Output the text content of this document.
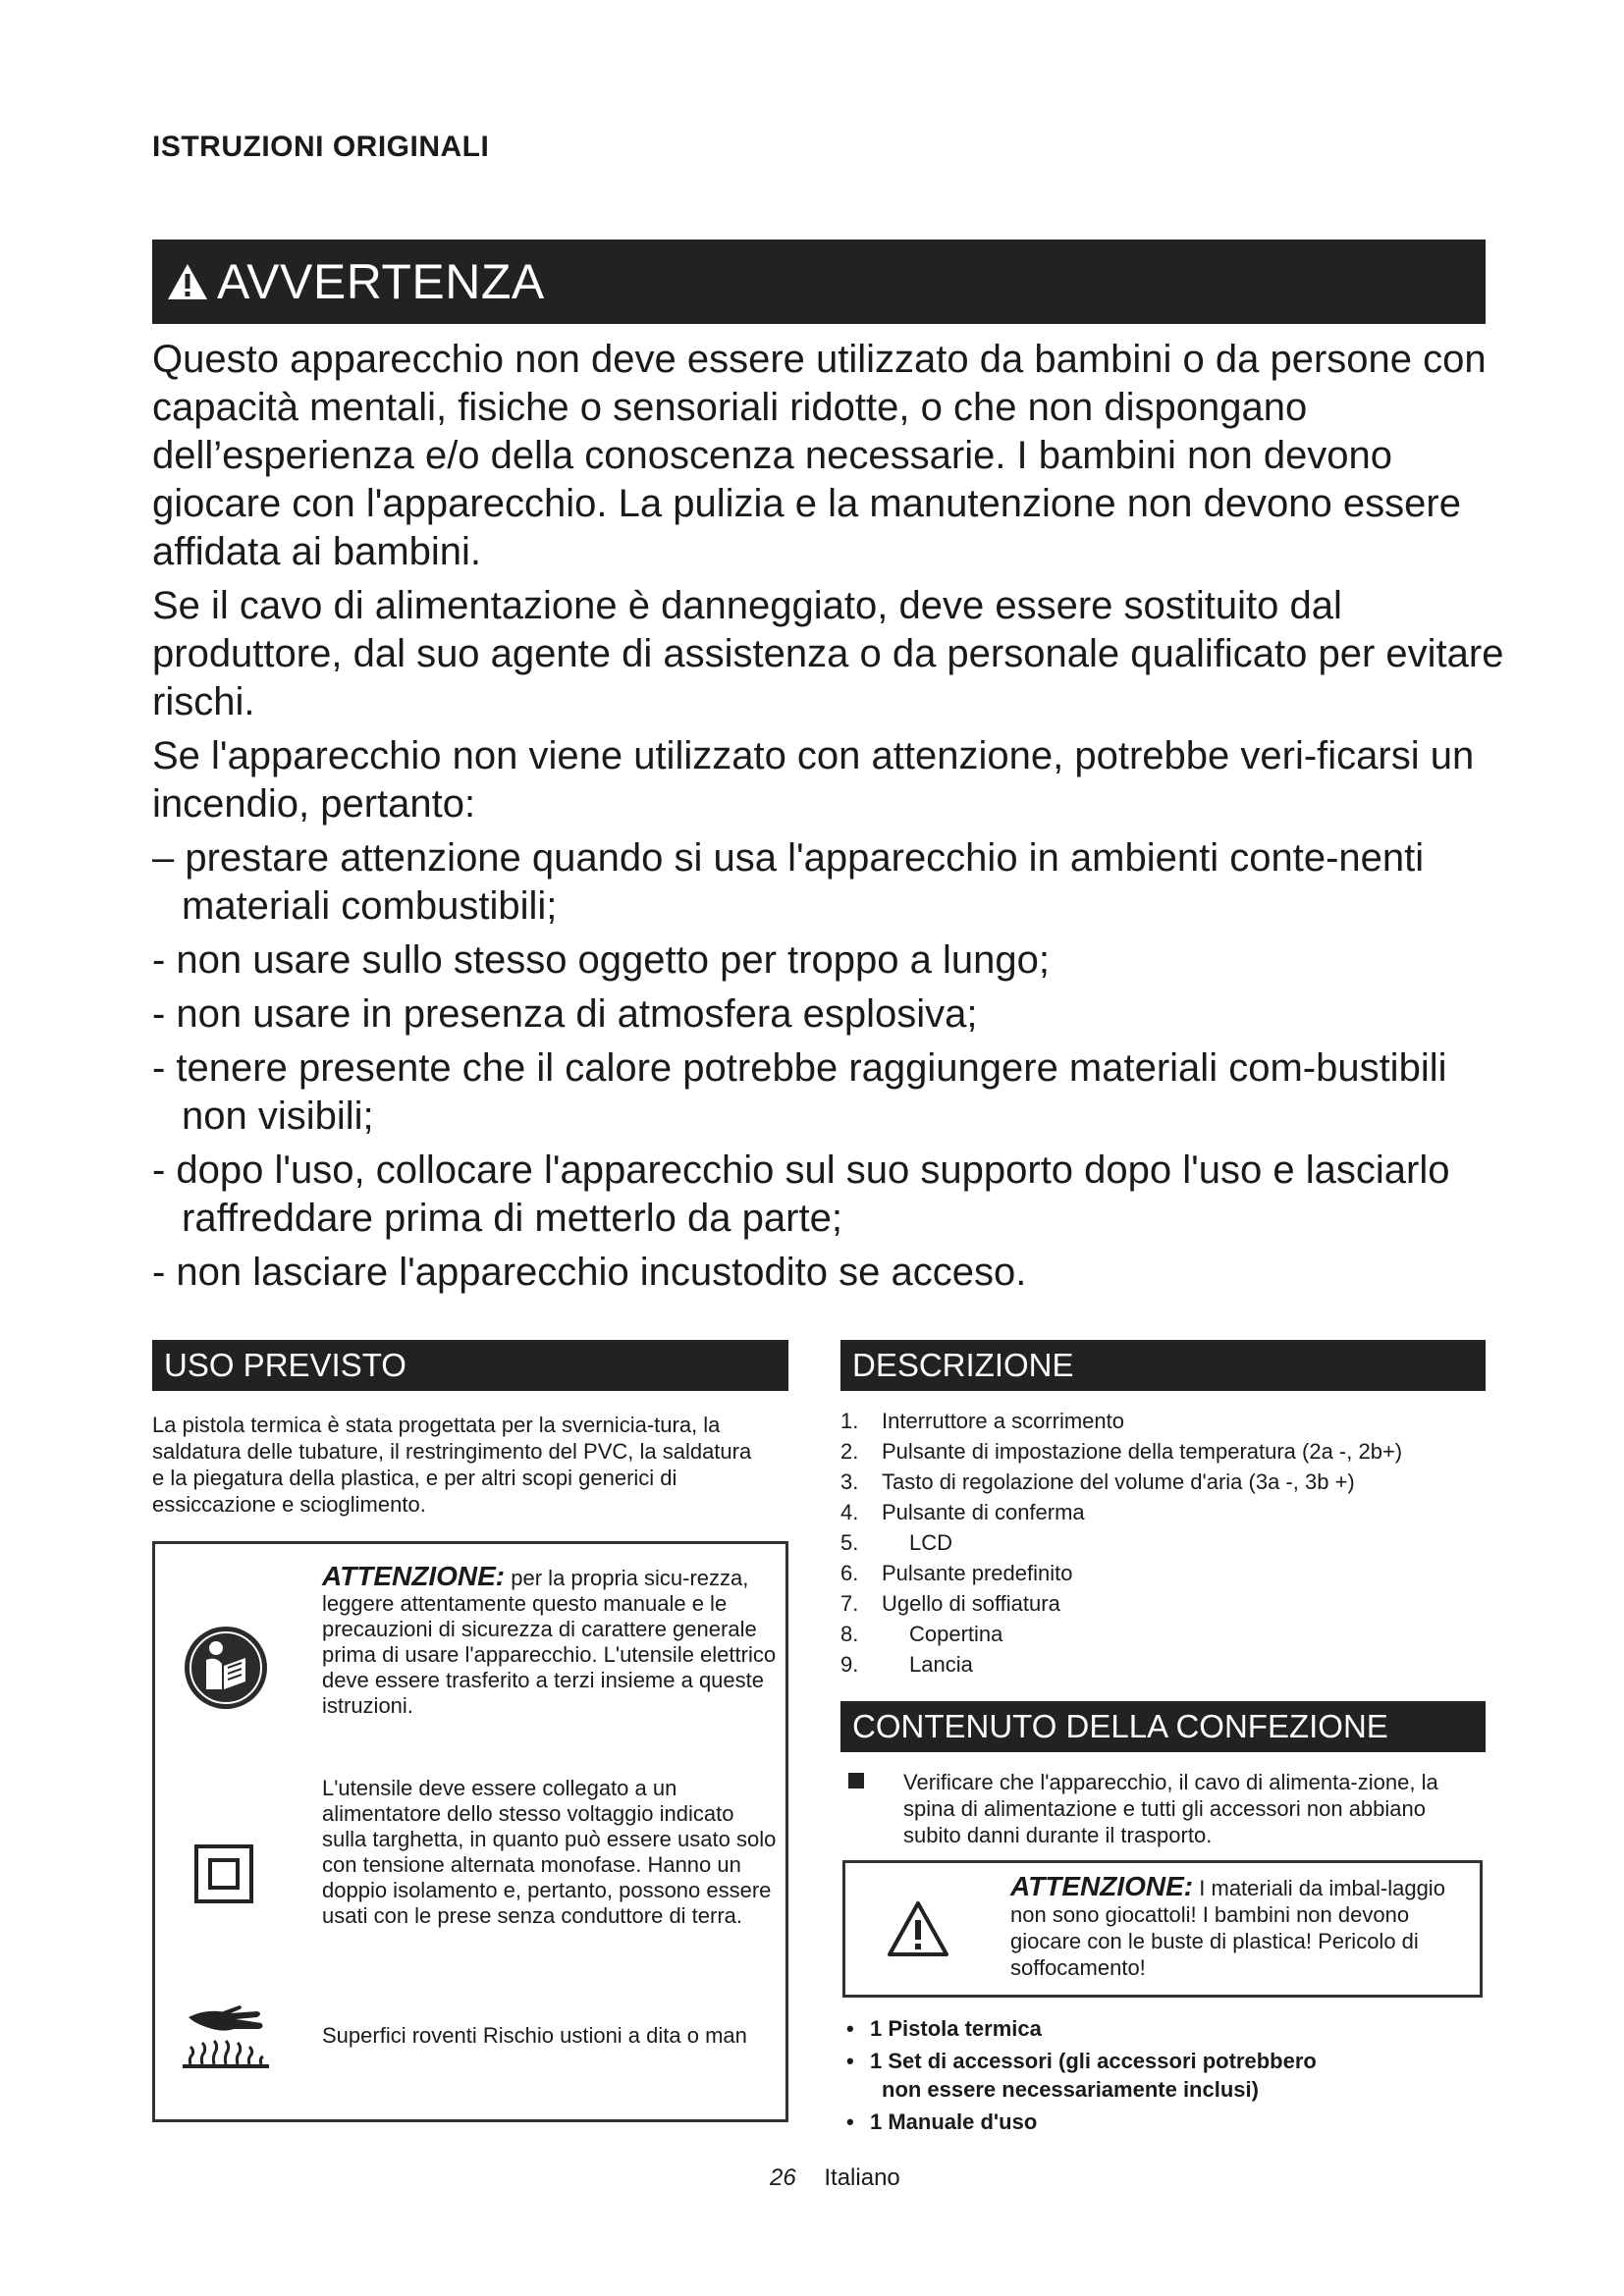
ISTRUZIONI ORIGINALI
AVVERTENZA

Questo apparecchio non deve essere utilizzato da bambini o da persone con capacità mentali, fisiche o sensoriali ridotte, o che non dispongano dell’esperienza e/o della conoscenza necessarie. I bambini non devono giocare con l'apparecchio. La pulizia e la manutenzione non devono essere affidata ai bambini.

Se il cavo di alimentazione è danneggiato, deve essere sostituito dal produttore, dal suo agente di assistenza o da personale qualificato per evitare rischi.

Se l'apparecchio non viene utilizzato con attenzione, potrebbe veri-ficarsi un incendio, pertanto:

– prestare attenzione quando si usa l'apparecchio in ambienti conte-nenti materiali combustibili;
- non usare sullo stesso oggetto per troppo a lungo;
- non usare in presenza di atmosfera esplosiva;
- tenere presente che il calore potrebbe raggiungere materiali com-bustibili non visibili;
- dopo l'uso, collocare l'apparecchio sul suo supporto dopo l'uso e lasciarlo raffreddare prima di metterlo da parte;
- non lasciare l'apparecchio incustodito se acceso.
USO PREVISTO
La pistola termica è stata progettata per la svernicia-tura, la saldatura delle tubature, il restringimento del PVC, la saldatura e la piegatura della plastica, e per altri scopi generici di essiccazione e scioglimento.
ATTENZIONE: per la propria sicu-rezza, leggere attentamente questo manuale e le precauzioni di sicurezza di carattere generale prima di usare l'apparecchio. L'utensile elettrico deve essere trasferito a terzi insieme a queste istruzioni.
L'utensile deve essere collegato a un alimentatore dello stesso voltaggio indicato sulla targhetta, in quanto può essere usato solo con tensione alternata monofase. Hanno un doppio isolamento e, pertanto, possono essere usati con le prese senza conduttore di terra.
Superfici roventi Rischio ustioni a dita o man
DESCRIZIONE
1.	Interruttore a scorrimento
2.	Pulsante di impostazione della temperatura (2a -, 2b+)
3.	Tasto di regolazione del volume d'aria (3a -, 3b +)
4.	Pulsante di conferma
5.	LCD
6.	Pulsante predefinito
7.	Ugello di soffiatura
8.	Copertina
9.	Lancia
CONTENUTO DELLA CONFEZIONE
Verificare che l'apparecchio, il cavo di alimenta-zione, la spina di alimentazione e tutti gli accessori non abbiano subito danni durante il trasporto.
ATTENZIONE: I materiali da imbal-laggio non sono giocattoli! I bambini non devono giocare con le buste di plastica! Pericolo di soffocamento!
• 1 Pistola termica
• 1 Set di accessori (gli accessori potrebbero
non essere necessariamente inclusi)
• 1 Manuale d'uso
26 Italiano
